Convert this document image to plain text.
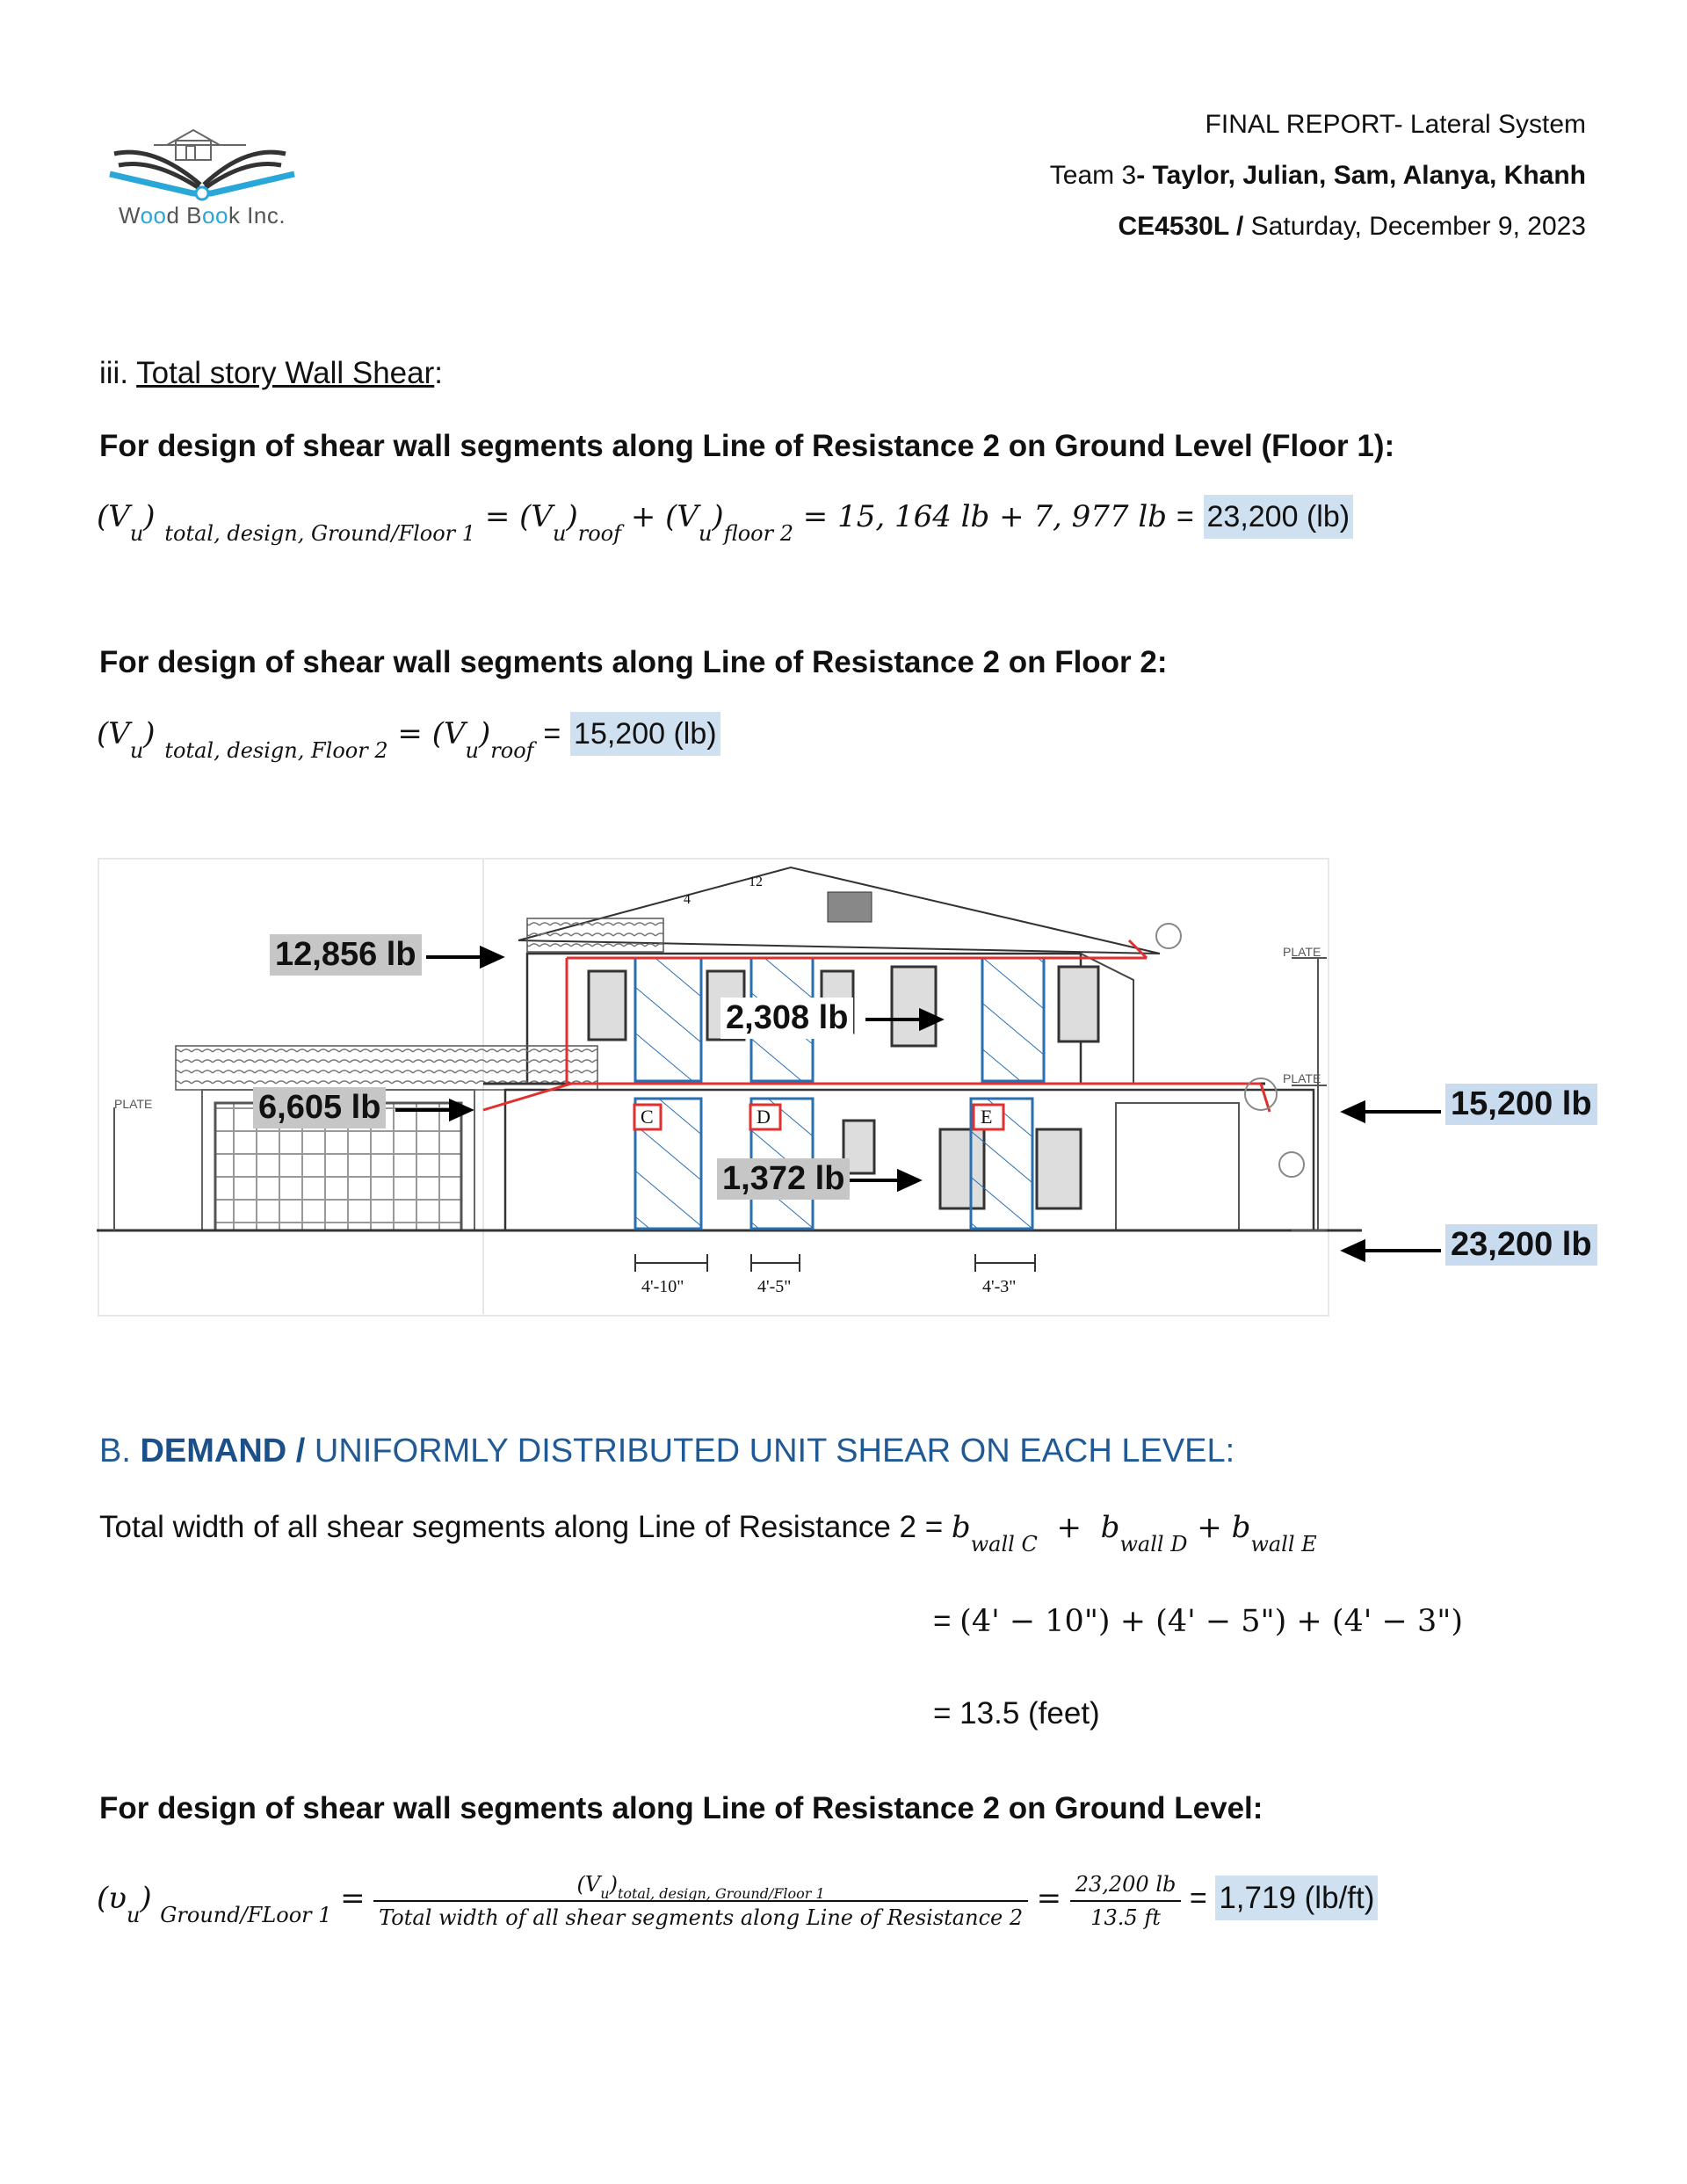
Wood Book Inc.
FINAL REPORT- Lateral System
Team 3- Taylor, Julian, Sam, Alanya, Khanh
CE4530L / Saturday, December 9, 2023
iii. Total story Wall Shear:
For design of shear wall segments along Line of Resistance 2 on Ground Level (Floor 1):
$(V_u) _{total, design, Ground/Floor 1} = (V_u)_{roof} + (V_u)_{floor 2} = 15$, 164 lb + 7, 977 lb = 23,200 (lb)
For design of shear wall segments along Line of Resistance 2 on Floor 2:
$(V_u) _{total, design, Floor 2} = (V_u)_{roof} = 15,200$ (lb)
12
4
PLATE
PLATE
PLATE
C	D	E
4'-10"	4'-5"	4'-3"
12,856 lb
6,605 lb
2,308 lb
1,372 lb
15,200 lb
23,200 lb
B. DEMAND / UNIFORMLY DISTRIBUTED UNIT SHEAR ON EACH LEVEL:
Total width of all shear segments along Line of Resistance $2 = b_{wall C} + b_{wall D} + b_{wall E}$
= (4' − 10") + (4' − 5") + (4' − 3")
= 13.5 (feet)
For design of shear wall segments along Line of Resistance 2 on Ground Level:
$(\upsilon_u) _{Ground/FLoor 1} = \frac{(V_u)_{total, design, Ground/Floor 1}}{\text{Total width of all shear segments along Line of Resistance 2}} = \frac{23,200 lb}{13.5 ft} = 1,719$ (lb/ft)
